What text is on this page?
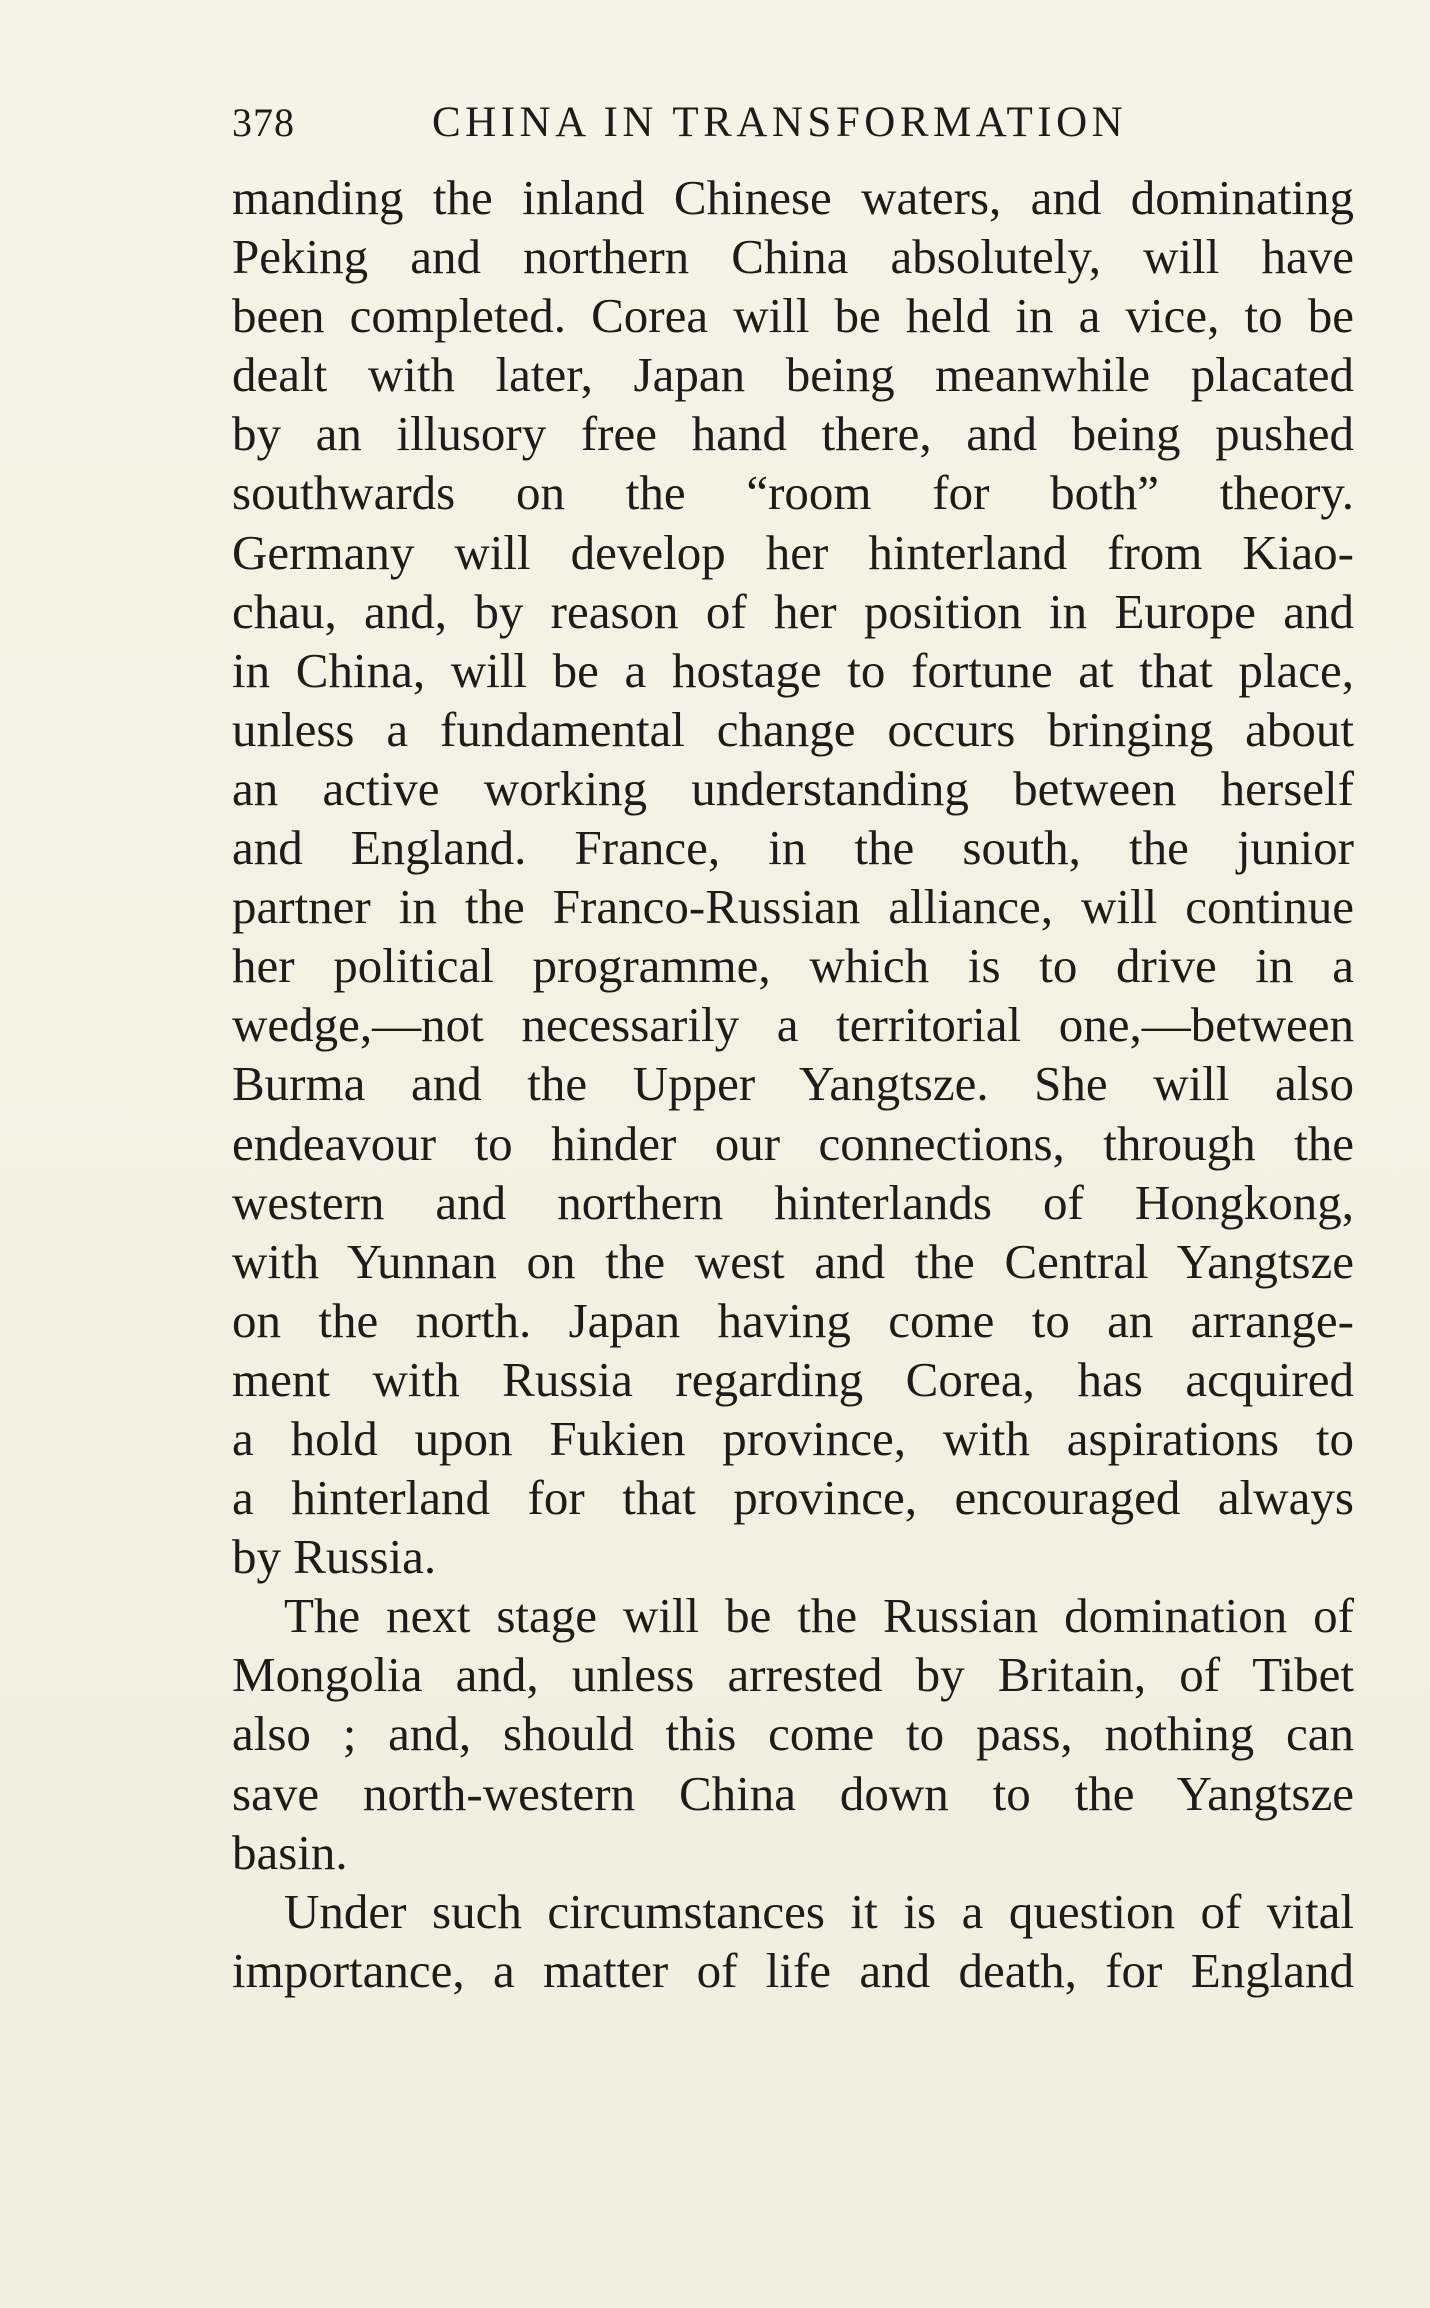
378	CHINA IN TRANSFORMATION

manding the inland Chinese waters, and dominating
Peking and northern China absolutely, will have
been completed. Corea will be held in a vice, to be
dealt with later, Japan being meanwhile placated
by an illusory free hand there, and being pushed
southwards on the “room for both” theory.
Germany will develop her hinterland from Kiao-
chau, and, by reason of her position in Europe and
in China, will be a hostage to fortune at that place,
unless a fundamental change occurs bringing about
an active working understanding between herself
and England. France, in the south, the junior
partner in the Franco-Russian alliance, will continue
her political programme, which is to drive in a
wedge,—not necessarily a territorial one,—between
Burma and the Upper Yangtsze. She will also
endeavour to hinder our connections, through the
western and northern hinterlands of Hongkong,
with Yunnan on the west and the Central Yangtsze
on the north. Japan having come to an arrange-
ment with Russia regarding Corea, has acquired
a hold upon Fukien province, with aspirations to
a hinterland for that province, encouraged always
by Russia.

The next stage will be the Russian domination of
Mongolia and, unless arrested by Britain, of Tibet
also ; and, should this come to pass, nothing can
save north-western China down to the Yangtsze
basin.

Under such circumstances it is a question of vital
importance, a matter of life and death, for England
